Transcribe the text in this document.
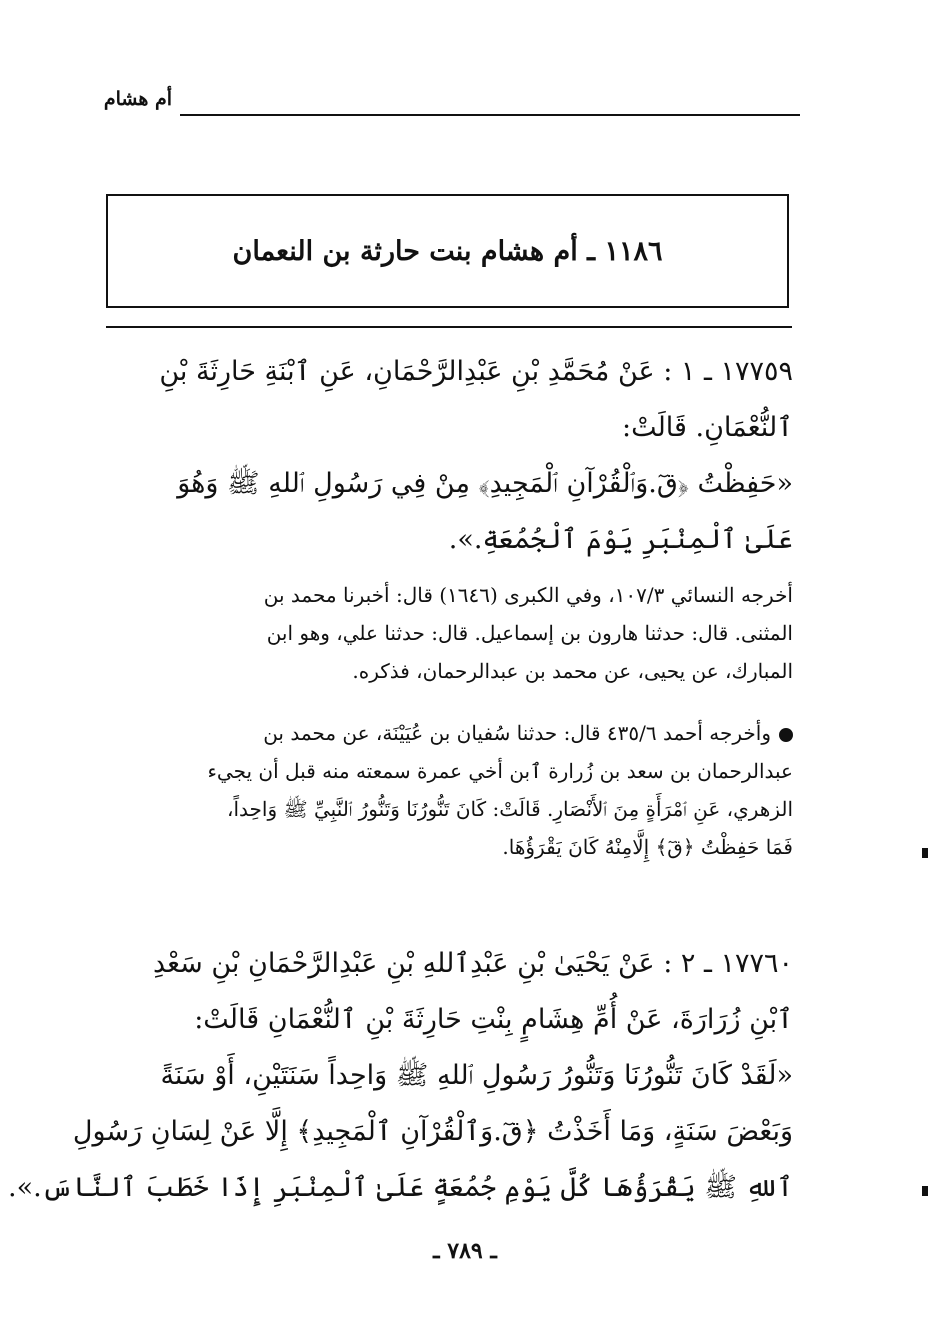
أم هشام
١١٨٦ ـ أم هشام بنت حارثة بن النعمان
١٧٧٥٩ ـ ١ : عَنْ مُحَمَّدِ بْنِ عَبْدِالرَّحْمَانِ، عَنِ ٱبْنَةِ حَارِثَةَ بْنِ
ٱلنُّعْمَانِ. قَالَتْ:
«حَفِظْتُ ﴿قٓ.وَٱلْقُرْآنِ ٱلْمَجِيدِ﴾ مِنْ فِي رَسُولِ ٱللهِ ﷺ وَهُوَ
عَلَىٰ ٱلْمِنْبَرِ يَوْمَ ٱلْجُمُعَةِ.».
أخرجه النسائي ١٠٧/٣، وفي الكبرى (١٦٤٦) قال: أخبرنا محمد بن
المثنى. قال: حدثنا هارون بن إسماعيل. قال: حدثنا علي، وهو ابن
المبارك، عن يحيى، عن محمد بن عبدالرحمان، فذكره.
وأخرجه أحمد ٤٣٥/٦ قال: حدثنا سُفيان بن عُيَيْنَة، عن محمد بن
عبدالرحمان بن سعد بن زُرارة ٱبن أخي عمرة سمعته منه قبل أن يجيء
الزهري، عَنِ ٱمْرَأَةٍ مِنَ ٱلأَنْصَارِ. قَالَتْ: كَانَ تَنُّورُنَا وَتَنُّورُ ٱلنَّبِيِّ ﷺ وَاحِداً،
فَمَا حَفِظْتُ ﴿قٓ﴾ إِلَّامِنْهُ كَانَ يَقْرَؤُهَا.
١٧٧٦٠ ـ ٢ : عَنْ يَحْيَىٰ بْنِ عَبْدِٱللهِ بْنِ عَبْدِالرَّحْمَانِ بْنِ سَعْدِ
ٱبْنِ زُرَارَةَ، عَنْ أُمِّ هِشَامٍ بِنْتِ حَارِثَةَ بْنِ ٱلنُّعْمَانِ قَالَتْ:
«لَقَدْ كَانَ تَنُّورُنَا وَتَنُّورُ رَسُولِ ٱللهِ ﷺ وَاحِداً سَنَتَيْنِ، أَوْ سَنَةً
وَبَعْضَ سَنَةٍ، وَمَا أَخَذْتُ ﴿قٓ.وَٱلْقُرْآنِ ٱلْمَجِيدِ﴾ إِلَّا عَنْ لِسَانِ رَسُولِ
ٱللهِ ﷺ يَقْرَؤُهَا كُلَّ يَوْمِ جُمُعَةٍ عَلَىٰ ٱلْمِنْبَرِ إِذَا خَطَبَ ٱلنَّاسَ.».
ـ ٧٨٩ ـ
